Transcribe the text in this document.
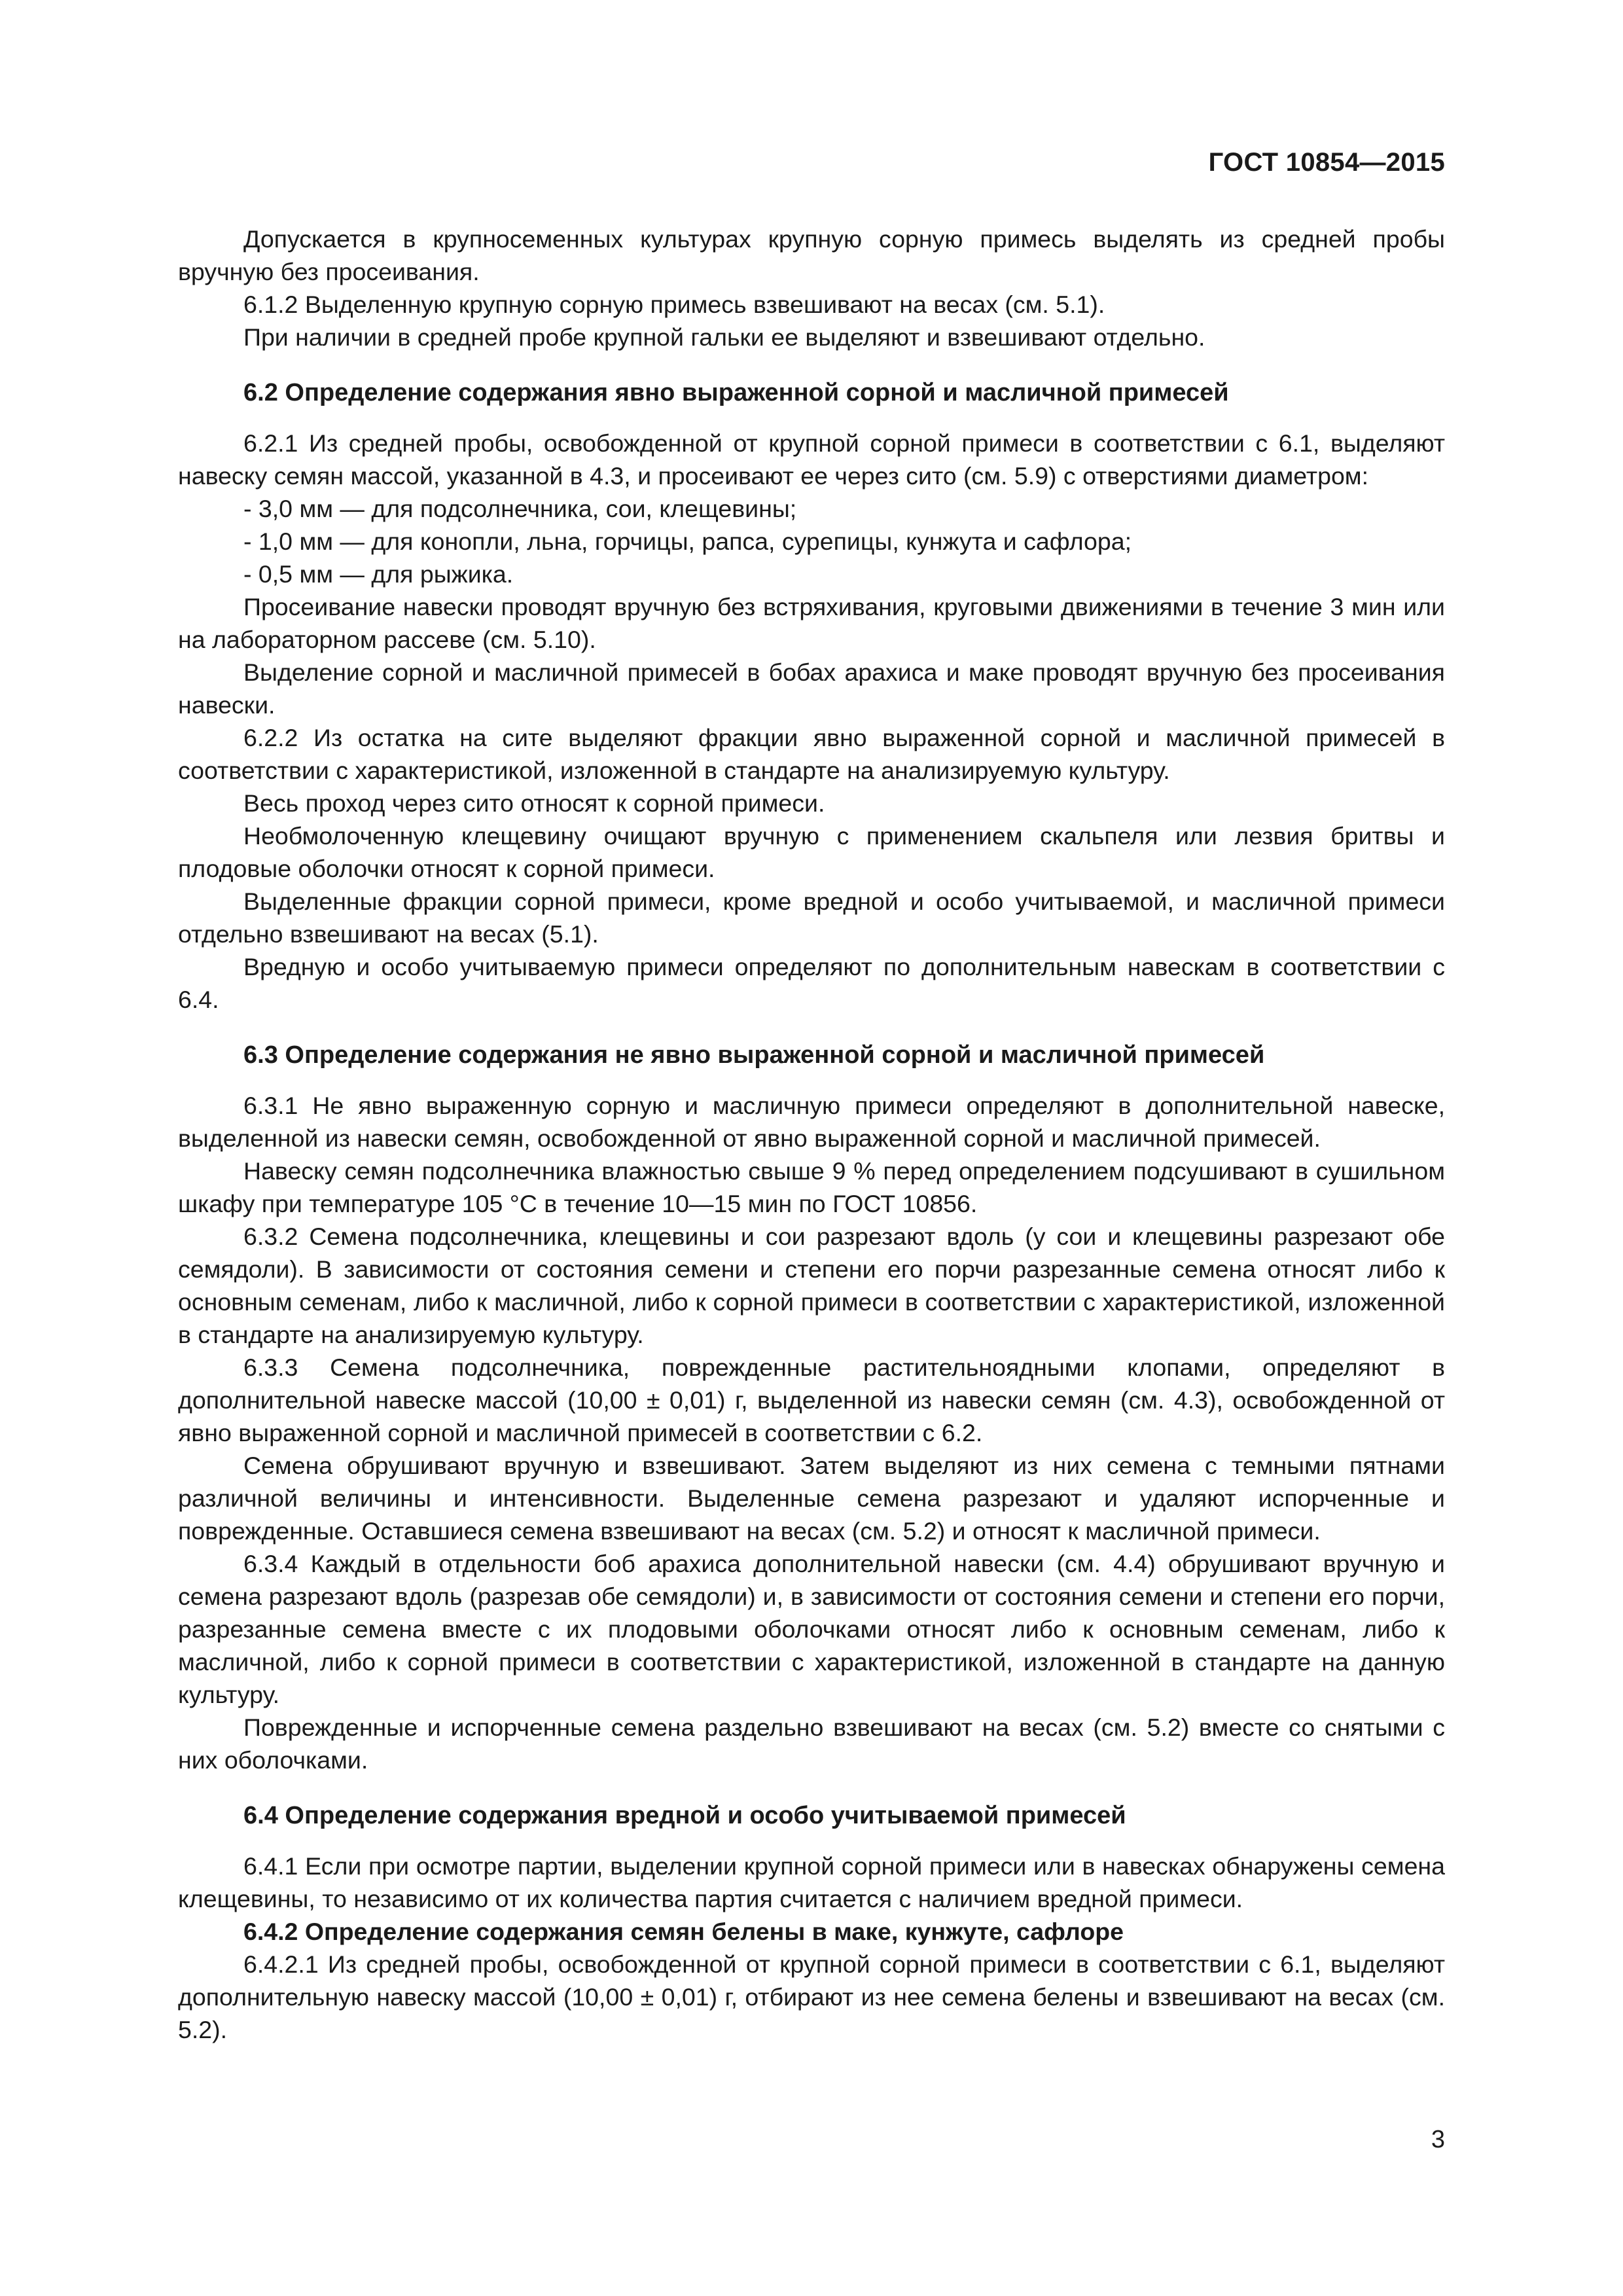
ГОСТ 10854—2015

Допускается в крупносеменных культурах крупную сорную примесь выделять из средней пробы вручную без просеивания.

6.1.2 Выделенную крупную сорную примесь взвешивают на весах (см. 5.1).

При наличии в средней пробе крупной гальки ее выделяют и взвешивают отдельно.

6.2 Определение содержания явно выраженной сорной и масличной примесей

6.2.1 Из средней пробы, освобожденной от крупной сорной примеси в соответствии с 6.1, выделяют навеску семян массой, указанной в 4.3, и просеивают ее через сито (см. 5.9) с отверстиями диаметром:

- 3,0 мм — для подсолнечника, сои, клещевины;

- 1,0 мм — для конопли, льна, горчицы, рапса, сурепицы, кунжута и сафлора;

- 0,5 мм — для рыжика.

Просеивание навески проводят вручную без встряхивания, круговыми движениями в течение 3 мин или на лабораторном рассеве (см. 5.10).

Выделение сорной и масличной примесей в бобах арахиса и маке проводят вручную без просеивания навески.

6.2.2 Из остатка на сите выделяют фракции явно выраженной сорной и масличной примесей в соответствии с характеристикой, изложенной в стандарте на анализируемую культуру.

Весь проход через сито относят к сорной примеси.

Необмолоченную клещевину очищают вручную с применением скальпеля или лезвия бритвы и плодовые оболочки относят к сорной примеси.

Выделенные фракции сорной примеси, кроме вредной и особо учитываемой, и масличной примеси отдельно взвешивают на весах (5.1).

Вредную и особо учитываемую примеси определяют по дополнительным навескам в соответствии с 6.4.

6.3 Определение содержания не явно выраженной сорной и масличной примесей

6.3.1 Не явно выраженную сорную и масличную примеси определяют в дополнительной навеске, выделенной из навески семян, освобожденной от явно выраженной сорной и масличной примесей.

Навеску семян подсолнечника влажностью свыше 9 % перед определением подсушивают в сушильном шкафу при температуре 105 °С в течение 10—15 мин по ГОСТ 10856.

6.3.2 Семена подсолнечника, клещевины и сои разрезают вдоль (у сои и клещевины разрезают обе семядоли). В зависимости от состояния семени и степени его порчи разрезанные семена относят либо к основным семенам, либо к масличной, либо к сорной примеси в соответствии с характеристикой, изложенной в стандарте на анализируемую культуру.

6.3.3 Семена подсолнечника, поврежденные растительноядными клопами, определяют в дополнительной навеске массой (10,00 ± 0,01) г, выделенной из навески семян (см. 4.3), освобожденной от явно выраженной сорной и масличной примесей в соответствии с 6.2.

Семена обрушивают вручную и взвешивают. Затем выделяют из них семена с темными пятнами различной величины и интенсивности. Выделенные семена разрезают и удаляют испорченные и поврежденные. Оставшиеся семена взвешивают на весах (см. 5.2) и относят к масличной примеси.

6.3.4 Каждый в отдельности боб арахиса дополнительной навески (см. 4.4) обрушивают вручную и семена разрезают вдоль (разрезав обе семядоли) и, в зависимости от состояния семени и степени его порчи, разрезанные семена вместе с их плодовыми оболочками относят либо к основным семенам, либо к масличной, либо к сорной примеси в соответствии с характеристикой, изложенной в стандарте на данную культуру.

Поврежденные и испорченные семена раздельно взвешивают на весах (см. 5.2) вместе со снятыми с них оболочками.

6.4 Определение содержания вредной и особо учитываемой примесей

6.4.1 Если при осмотре партии, выделении крупной сорной примеси или в навесках обнаружены семена клещевины, то независимо от их количества партия считается с наличием вредной примеси.

6.4.2 Определение содержания семян белены в маке, кунжуте, сафлоре

6.4.2.1 Из средней пробы, освобожденной от крупной сорной примеси в соответствии с 6.1, выделяют дополнительную навеску массой (10,00 ± 0,01) г, отбирают из нее семена белены и взвешивают на весах (см. 5.2).

3
